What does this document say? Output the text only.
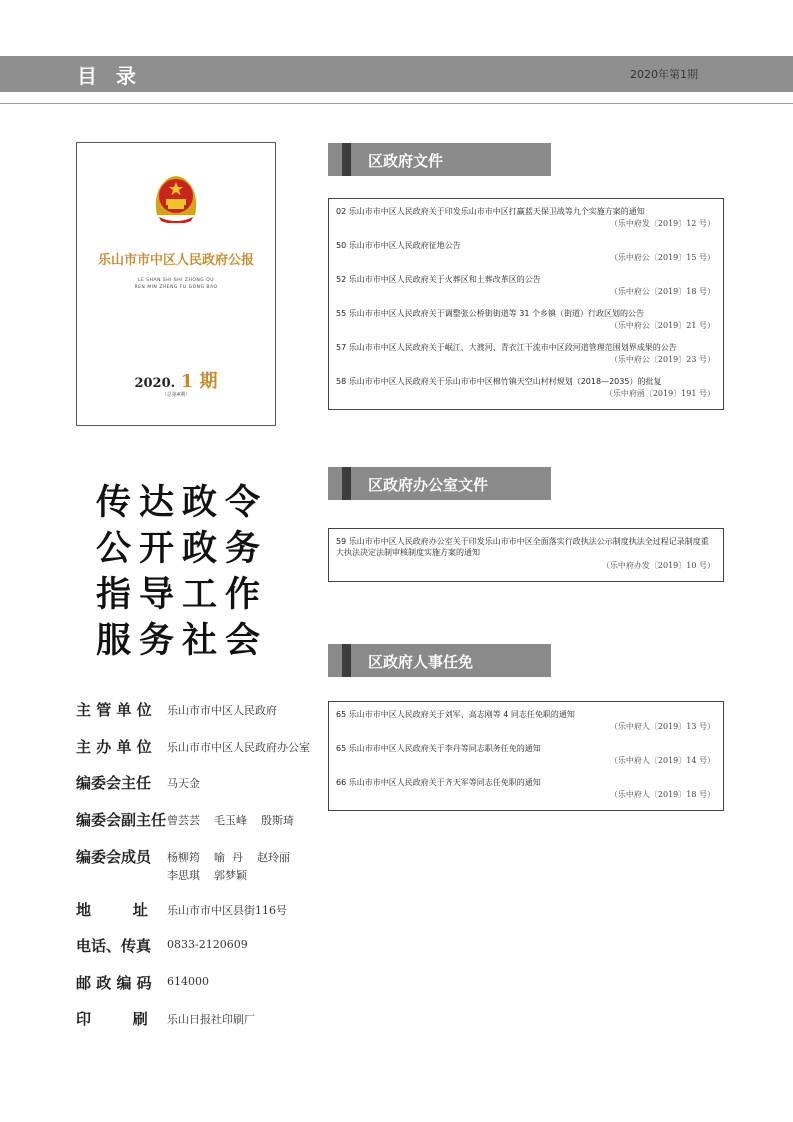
目 录	2020年第1期
乐山市市中区人民政府公报
LE SHAN SHI SHI ZHONG QU
REN MIN ZHENG FU GONG BAO
2020. 1 期
（总第4期）
传达政令
公开政务
指导工作
服务社会
主 管 单 位 乐山市市中区人民政府
主 办 单 位 乐山市市中区人民政府办公室
编委会主任 马天金
编委会副主任 曾芸芸    毛玉峰    殷斯琦
编委会成员 杨柳筠    喻  丹    赵玲丽
李思琪    郭梦颖
地        址 乐山市市中区县街116号
电话、传真 0833-2120609
邮 政 编 码 614000
印        刷 乐山日报社印刷厂
区政府文件
02 乐山市市中区人民政府关于印发乐山市市中区打赢蓝天保卫战等九个实施方案的通知
（乐中府发〔2019〕12 号）
50 乐山市市中区人民政府征地公告
（乐中府公〔2019〕15 号）
52 乐山市市中区人民政府关于火葬区和土葬改革区的公告
（乐中府公〔2019〕18 号）
55 乐山市市中区人民政府关于调整张公桥街街道等 31 个乡镇（街道）行政区划的公告
（乐中府公〔2019〕21 号）
57 乐山市市中区人民政府关于岷江、大渡河、青衣江干流市中区段河道管理范围划界成果的公告
（乐中府公〔2019〕23 号）
58 乐山市市中区人民政府关于乐山市市中区棉竹镇天空山村村规划（2018—2035）的批复
（乐中府函〔2019〕191 号）
区政府办公室文件
59 乐山市市中区人民政府办公室关于印发乐山市市中区全面落实行政执法公示制度执法全过程记录制度重大执法决定法制审核制度实施方案的通知
（乐中府办发〔2019〕10 号）
区政府人事任免
65 乐山市市中区人民政府关于刘军、高志刚等 4 同志任免职的通知
（乐中府人〔2019〕13 号）
65 乐山市市中区人民政府关于李丹等同志职务任免的通知
（乐中府人〔2019〕14 号）
66 乐山市市中区人民政府关于齐天军等同志任免职的通知
（乐中府人〔2019〕18 号）
